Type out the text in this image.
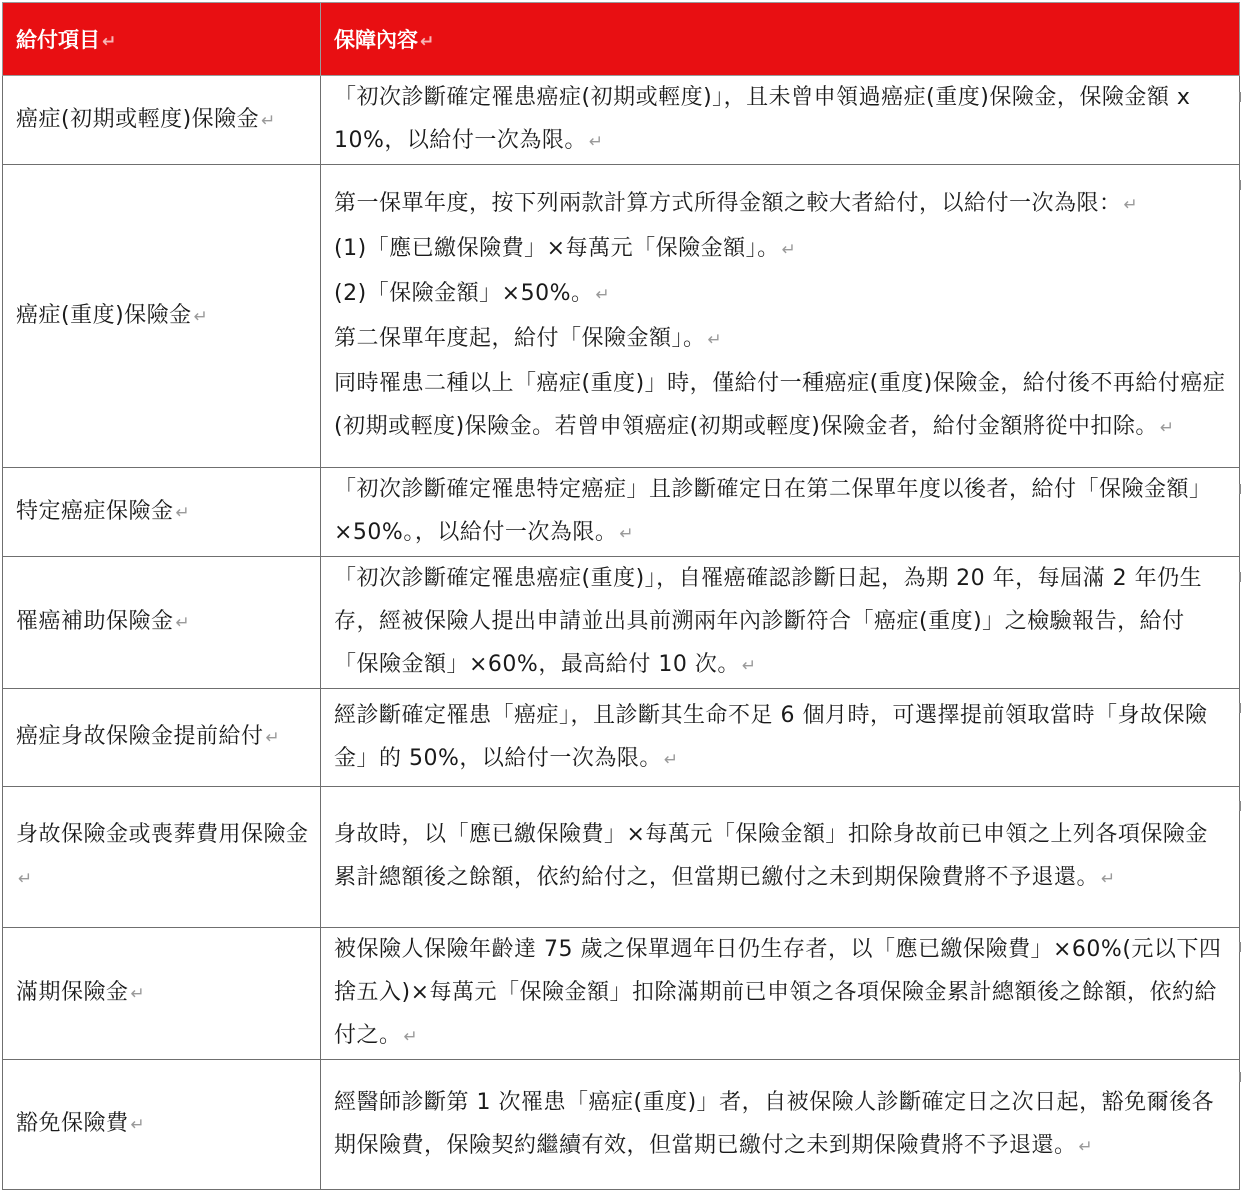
給付項目 ↵	保障內容 ↵
癌症(初期或輕度)保險金 ↵	「初次診斷確定罹患癌症(初期或輕度)」，且未曾申領過癌症(重度)保險金，保險金額 x 10%，以給付一次為限。 ↵
癌症(重度)保險金 ↵	第一保單年度，按下列兩款計算方式所得金額之較大者給付，以給付一次為限： ↵
(1)「應已繳保險費」×每萬元「保險金額」。 ↵
(2)「保險金額」×50%。 ↵
第二保單年度起，給付「保險金額」。 ↵
同時罹患二種以上「癌症(重度)」時，僅給付一種癌症(重度)保險金，給付後不再給付癌症(初期或輕度)保險金。若曾申領癌症(初期或輕度)保險金者，給付金額將從中扣除。 ↵

特定癌症保險金 ↵	「初次診斷確定罹患特定癌症」且診斷確定日在第二保單年度以後者，給付「保險金額」×50%。，以給付一次為限。 ↵
罹癌補助保險金 ↵	「初次診斷確定罹患癌症(重度)」，自罹癌確認診斷日起，為期 20 年，每屆滿 2 年仍生存，經被保險人提出申請並出具前溯兩年內診斷符合「癌症(重度)」之檢驗報告，給付「保險金額」×60%，最高給付 10 次。 ↵
癌症身故保險金提前給付 ↵	經診斷確定罹患「癌症」，且診斷其生命不足 6 個月時，可選擇提前領取當時「身故保險金」的 50%，以給付一次為限。 ↵
身故保險金或喪葬費用保險金↵	身故時，以「應已繳保險費」×每萬元「保險金額」扣除身故前已申領之上列各項保險金累計總額後之餘額，依約給付之，但當期已繳付之未到期保險費將不予退還。 ↵
滿期保險金 ↵	被保險人保險年齡達 75 歲之保單週年日仍生存者，以「應已繳保險費」×60%(元以下四捨五入)×每萬元「保險金額」扣除滿期前已申領之各項保險金累計總額後之餘額，依約給付之。 ↵
豁免保險費 ↵	經醫師診斷第 1 次罹患「癌症(重度)」者，自被保險人診斷確定日之次日起，豁免爾後各期保險費，保險契約繼續有效，但當期已繳付之未到期保險費將不予退還。 ↵
